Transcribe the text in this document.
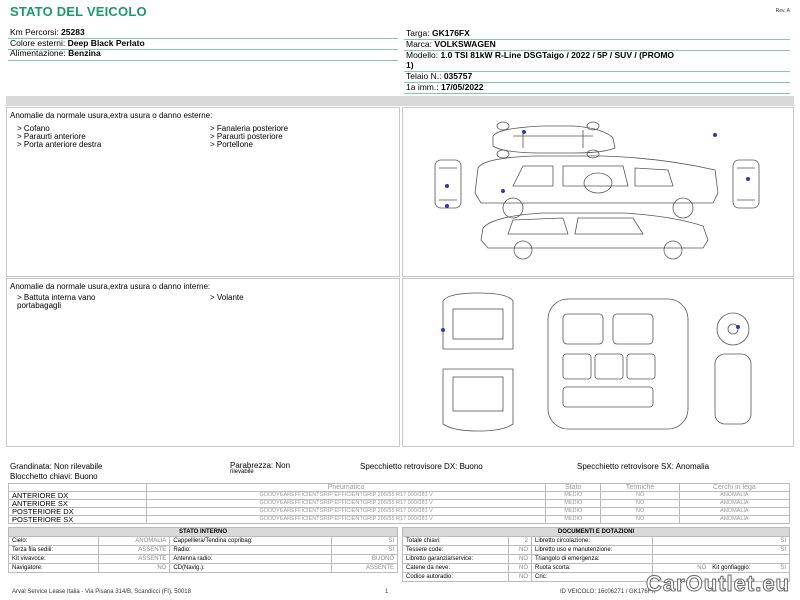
STATO DEL VEICOLO	Rev. A
Km Percorsi: 25283
Colore esterni: Deep Black Perlato
Alimentazione: Benzina
Targa: GK176FX
Marca: VOLKSWAGEN
Modello: 1.0 TSI 81kW R-Line DSGTaigo / 2022 / 5P / SUV / (PROMO
1)
Telaio N.: 035757
1a imm.: 17/05/2022
Anomalie da normale usura,extra usura o danno esterne:
> Cofano
> Paraurti anteriore
> Porta anteriore destra
> Fanaleria posteriore
> Paraurti posteriore
> Portellone
Anomalie da normale usura,extra usura o danno interne:
> Battuta interna vano
portabagagli
> Volante
Grandinata: Non rilevabile	Parabrezza: Non
rilevabile
Specchietto retrovisore DX: Buono	Specchietto retrovisore SX: Anomalia
Blocchetto chiavi: Buono
	Pneumatico	Stato	Termiche	Cerchi in lega
ANTERIORE DX	GOODYEAREFFICIENTGRIP EFFICIENTGRIP 205/55 R17 000/081 V	MEDIO	NO	ANOMALIA
ANTERIORE SX	GOODYEAREFFICIENTGRIP EFFICIENTGRIP 205/55 R17 000/081 V	MEDIO	NO	ANOMALIA
POSTERIORE DX	GOODYEAREFFICIENTGRIP EFFICIENTGRIP 205/55 R17 000/081 V	MEDIO	NO	ANOMALIA
POSTERIORE SX	GOODYEAREFFICIENTGRIP EFFICIENTGRIP 205/55 R17 000/081 V	MEDIO	NO	ANOMALIA
STATO INTERNO			
Cielo:	ANOMALIA	Cappelliera/Tendina copribag:	SI
Terza fila sedili:	ASSENTE	Radio:	SI
Kit vivavoce:	ASSENTE	Antenna radio:	BUONO
Navigatore:	NO	CD(Navig.):	ASSENTE
DOCUMENTI E DOTAZIONI			
Totale chiavi:	2	Libretto circolazione:	SI
Tessere code:	NO	Libretto uso e manutenzione:	SI
Libretto garanzia/service:	NO	Triangolo di emergenza:	
Catene da neve:	NO	Ruota scorta:	NO Kit gonfiaggio: SI
Codice autoradio:	NO	Cric:	
Arval Service Lease Italia - Via Pisana 314/B, Scandicci (FI), 50018	1	ID VEICOLO: 16c06271 / GK176FX
CarOutlet.eu
